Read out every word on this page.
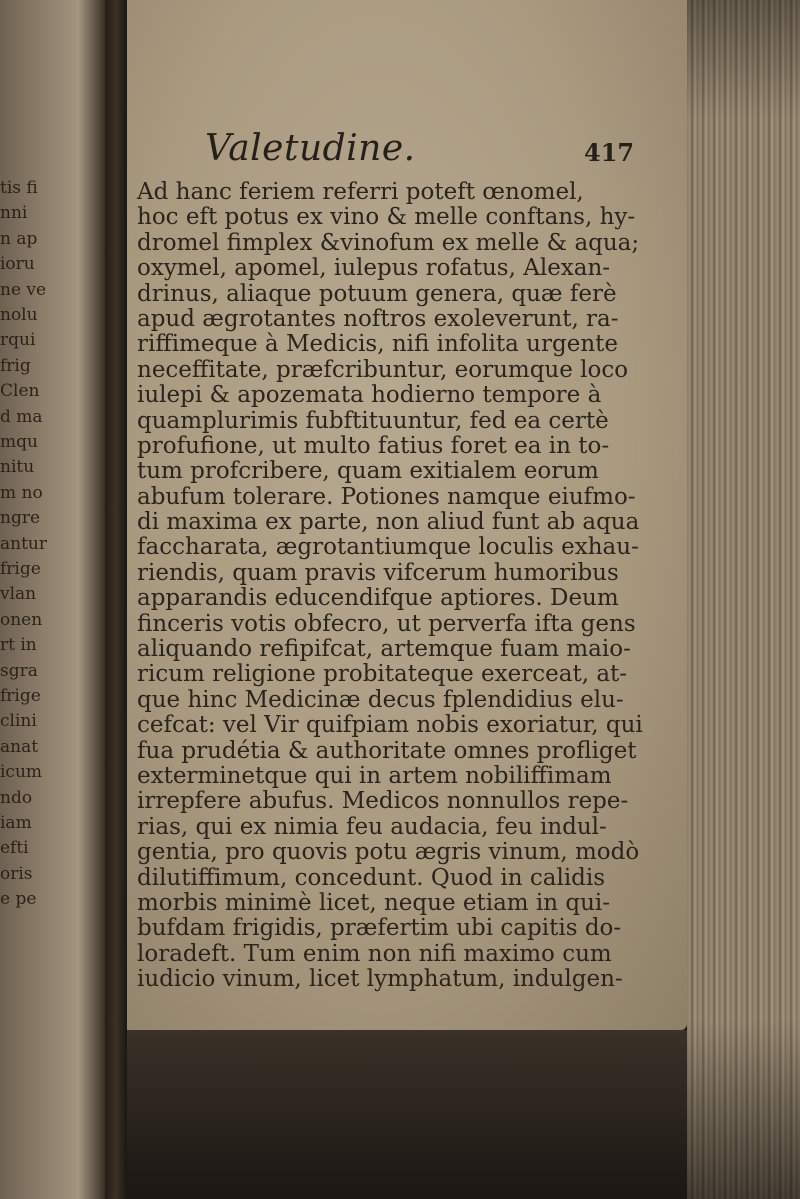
tis fi
nni
n ap
ioru
ne ve
nolu
rqui
frig
Clen
d ma
mqu
nitu
m no
ngre
antur
frige
vlan
onen
rt in
sgra
frige
clini
anat
icum
ndo
iam
efti
oris
e pe
Valetudine.	417
Ad hanc feriem referri poteft œnomel,
hoc eft potus ex vino & melle conftans, hy-
dromel fimplex &vinofum ex melle & aqua;
oxymel, apomel, iulepus rofatus, Alexan-
drinus, aliaque potuum genera, quæ ferè
apud ægrotantes noftros exoleverunt, ra-
riffimeque à Medicis, nifi infolita urgente
neceffitate, præfcribuntur, eorumque loco
iulepi & apozemata hodierno tempore à
quamplurimis fubftituuntur, fed ea certè
profufione, ut multo fatius foret ea in to-
tum profcribere, quam exitialem eorum
abufum tolerare. Potiones namque eiufmo-
di maxima ex parte, non aliud funt ab aqua
faccharata, ægrotantiumque loculis exhau-
riendis, quam pravis vifcerum humoribus
apparandis educendifque aptiores. Deum
finceris votis obfecro, ut perverfa ifta gens
aliquando refipifcat, artemque fuam maio-
ricum religione probitateque exerceat, at-
que hinc Medicinæ decus fplendidius elu-
cefcat: vel Vir quifpiam nobis exoriatur, qui
fua prudétia & authoritate omnes profliget
exterminetque qui in artem nobiliffimam
irrepfere abufus. Medicos nonnullos repe-
rias, qui ex nimia feu audacia, feu indul-
gentia, pro quovis potu ægris vinum, modò
dilutiffimum, concedunt. Quod in calidis
morbis minimè licet, neque etiam in qui-
bufdam frigidis, præfertim ubi capitis do-
loradeft. Tum enim non nifi maximo cum
iudicio vinum, licet lymphatum, indulgen-
